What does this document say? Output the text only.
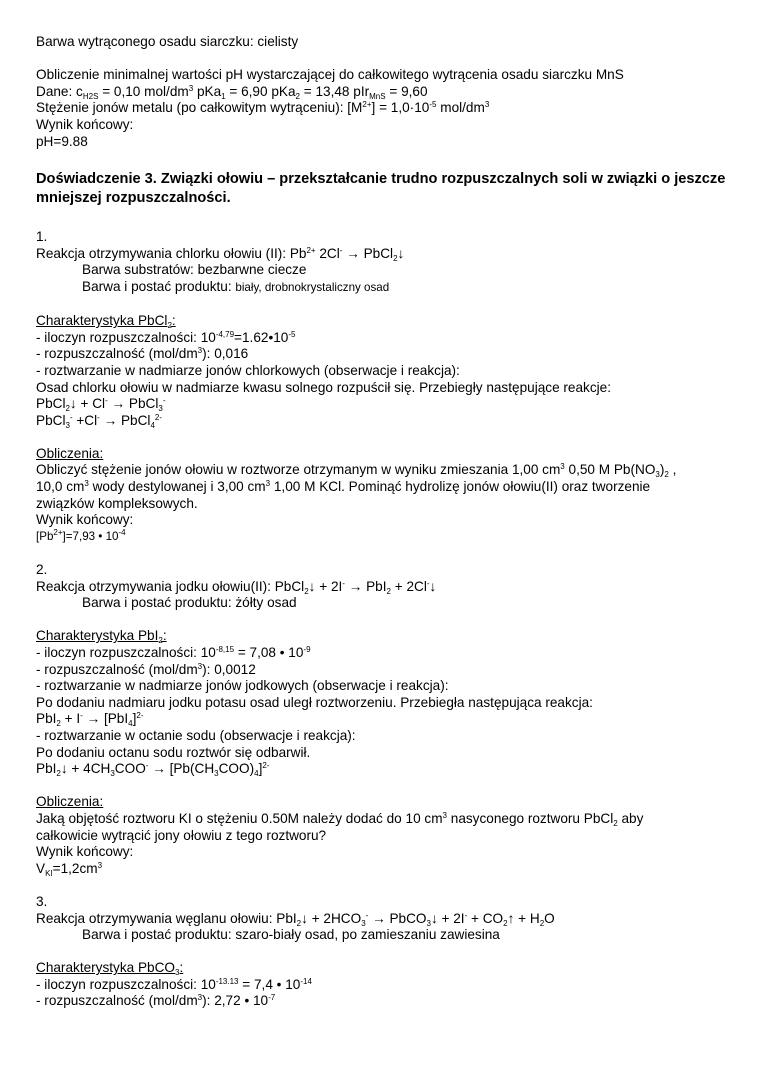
Barwa wytrąconego osadu siarczku: cielisty
Obliczenie minimalnej wartości pH wystarczającej do całkowitego wytrącenia osadu siarczku MnS
Dane: $c_{H2S} = 0,10$ mol/$dm^3$ pKa$_1$ = 6,90 pKa$_2$ = 13,48 pIr$_{MnS}$ = 9,60
Stężenie jonów metalu (po całkowitym wytrąceniu): $[M^{2+}] = 1,0\cdot 10^{-5}$ mol/$dm^3$
Wynik końcowy:
pH=9.88
Doświadczenie 3. Związki ołowiu – przekształcanie trudno rozpuszczalnych soli w związki o jeszcze mniejszej rozpuszczalności.
1.
Reakcja otrzymywania chlorku ołowiu (II): $Pb^{2+}$ 2Cl- → PbCl$_2$↓
Barwa substratów: bezbarwne ciecze
Barwa i postać produktu: biały, drobnokrystaliczny osad
Charakterystyka PbCl$_2$:
- iloczyn rozpuszczalności: $10^{-4,79}=1.62•10^{-5}$
- rozpuszczalność $(mol/dm^3)$: 0,016
- roztwarzanie w nadmiarze jonów chlorkowych (obserwacje i reakcja):
Osad chlorku ołowiu w nadmiarze kwasu solnego rozpuścił się. Przebiegły następujące reakcje:
PbCl$_2$↓ + Cl- → PbCl$_3$-
PbCl$_3$- +Cl- → PbCl$_4^{2-}$
Obliczenia:
Obliczyć stężenie jonów ołowiu w roztworze otrzymanym w wyniku zmieszania 1,00 $cm^3$ 0,50 M $Pb(NO_3)_2$ ,
10,0 $cm^3$ wody destylowanej i 3,00 $cm^3$ 1,00 M KCl. Pominąć hydrolizę jonów ołowiu(II) oraz tworzenie
związków kompleksowych.
Wynik końcowy:
$[Pb^{2+}]=7,93$ • $10^{-4}$
2.
Reakcja otrzymywania jodku ołowiu(II): PbCl$_2$↓ + 2I- → PbI$_2$ + 2Cl-↓
Barwa i postać produktu: żółty osad
Charakterystyka PbI$_2$:
- iloczyn rozpuszczalności: $10^{-8,15} = 7,08$ • $10^{-9}$
- rozpuszczalność $(mol/dm^3)$: 0,0012
- roztwarzanie w nadmiarze jonów jodkowych (obserwacje i reakcja):
Po dodaniu nadmiaru jodku potasu osad uległ roztworzeniu. Przebiegła następująca reakcja:
$PbI_2 + I^- \to [PbI_4]^{2-}$
- roztwarzanie w octanie sodu (obserwacje i reakcja):
Po dodaniu octanu sodu roztwór się odbarwił.
PbI$_2$↓ + $4CH_3COO^- \to [Pb(CH_3COO)_4]^{2-}$
Obliczenia:
Jaką objętość roztworu KI o stężeniu 0.50M należy dodać do 10 $cm^3$ nasyconego roztworu PbCl$_2$ aby
całkowicie wytrącić jony ołowiu z tego roztworu?
Wynik końcowy:
$V_{KI}=1,2cm^3$
3.
Reakcja otrzymywania węglanu ołowiu: PbI$_2$↓ + $2HCO_3^-$ → PbCO$_3$↓ + $2I^- + CO_2↑ + H_2O$
Barwa i postać produktu: szaro-biały osad, po zamieszaniu zawiesina
Charakterystyka PbCO$_3$:
- iloczyn rozpuszczalności: $10^{-13.13} = 7,4$ • $10^{-14}$
- rozpuszczalność $(mol/dm^3)$: 2,72 • $10^{-7}$
